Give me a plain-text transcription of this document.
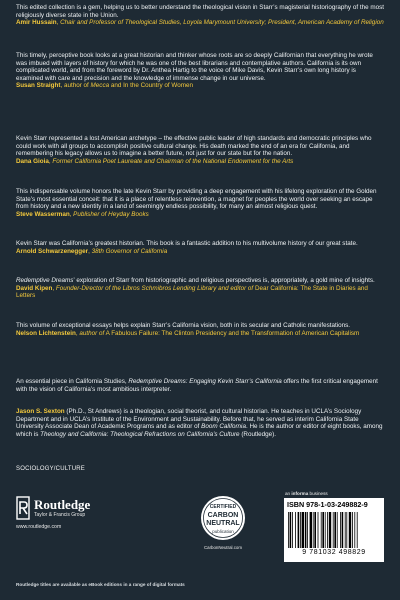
This edited collection is a gem, helping us to better understand the theological vision in Starr’s magisterial historiography of the most religiously diverse state in the Union.
Amir Hussain, Chair and Professor of Theological Studies, Loyola Marymount University; President, American Academy of Religion

This timely, perceptive book looks at a great historian and thinker whose roots are so deeply Californian that everything he wrote was imbued with layers of history for which he was one of the best librarians and contemplative authors. California is its own complicated world, and from the foreword by Dr. Anthea Hartig to the voice of Mike Davis, Kevin Starr’s own long history is examined with care and precision and the knowledge of immense change in our universe.
Susan Straight, author of Mecca and In the Country of Women

Kevin Starr represented a lost American archetype – the effective public leader of high standards and democratic principles who could work with all groups to accomplish positive cultural change. His death marked the end of an era for California, and remembering his legacy allows us to imagine a better future, not just for our state but for the nation.
Dana Gioia, Former California Poet Laureate and Chairman of the National Endowment for the Arts

This indispensable volume honors the late Kevin Starr by providing a deep engagement with his lifelong exploration of the Golden State’s most essential conceit: that it is a place of relentless reinvention, a magnet for peoples the world over seeking an escape from history and a new identity in a land of seemingly endless possibility, for many an almost religious quest.
Steve Wasserman, Publisher of Heyday Books

Kevin Starr was California’s greatest historian. This book is a fantastic addition to his multivolume history of our great state.
Arnold Schwarzenegger, 38th Governor of California

Redemptive Dreams’ exploration of Starr from historiographic and religious perspectives is, appropriately, a gold mine of insights.
David Kipen, Founder-Director of the Libros Schmibros Lending Library and editor of Dear California: The State in Diaries and Letters

This volume of exceptional essays helps explain Starr’s California vision, both in its secular and Catholic manifestations.
Nelson Lichtenstein, author of A Fabulous Failure: The Clinton Presidency and the Transformation of American Capitalism

An essential piece in California Studies, Redemptive Dreams: Engaging Kevin Starr’s California offers the first critical engagement with the vision of California’s most ambitious interpreter.
Jason S. Sexton (Ph.D., St Andrews) is a theologian, social theorist, and cultural historian. He teaches in UCLA’s Sociology Department and in UCLA’s Institute of the Environment and Sustainability. Before that, he served as interim California State University Associate Dean of Academic Programs and as editor of Boom California. He is the author or editor of eight books, among which is Theology and California: Theological Refractions on California’s Culture (Routledge).
SOCIOLOGY/CULTURE
Routledge
Taylor & Francis Group
www.routledge.com
CERTIFIED
CARBON
NEUTRAL
publication
CarbonNeutral.com
an informa business
ISBN 978-1-03-249882-9
9 781032 498829
Routledge titles are available as eBook editions in a range of digital formats
